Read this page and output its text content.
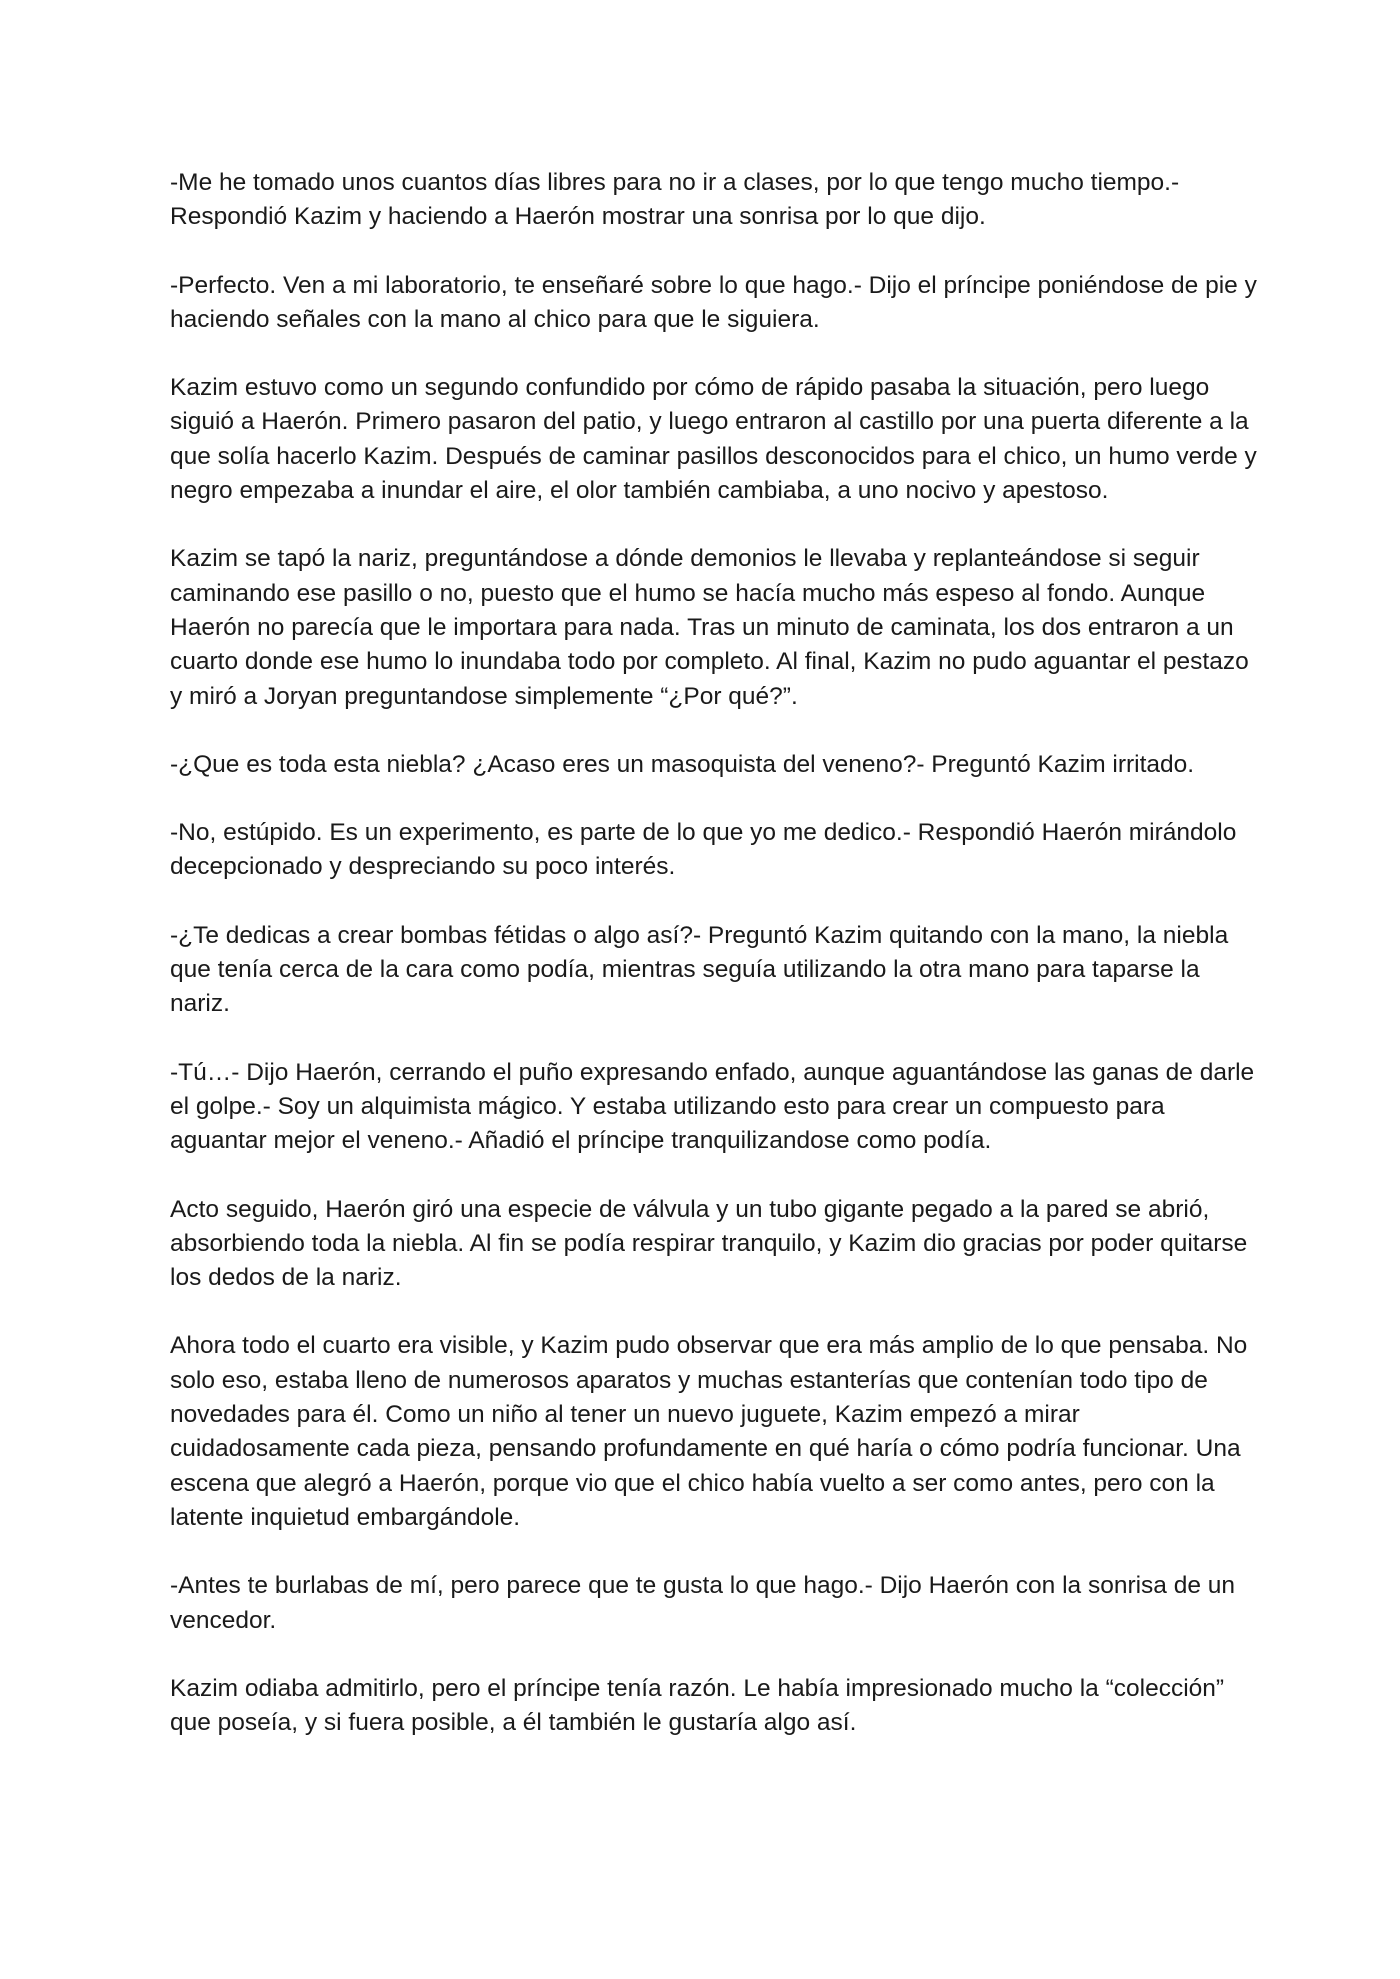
-Me he tomado unos cuantos días libres para no ir a clases, por lo que tengo mucho tiempo.- Respondió Kazim y haciendo a Haerón mostrar una sonrisa por lo que dijo.

-Perfecto. Ven a mi laboratorio, te enseñaré sobre lo que hago.- Dijo el príncipe poniéndose de pie y haciendo señales con la mano al chico para que le siguiera.

Kazim estuvo como un segundo confundido por cómo de rápido pasaba la situación, pero luego siguió a Haerón. Primero pasaron del patio, y luego entraron al castillo por una puerta diferente a la que solía hacerlo Kazim. Después de caminar pasillos desconocidos para el chico, un humo verde y negro empezaba a inundar el aire, el olor también cambiaba, a uno nocivo y apestoso.

Kazim se tapó la nariz, preguntándose a dónde demonios le llevaba y replanteándose si seguir caminando ese pasillo o no, puesto que el humo se hacía mucho más espeso al fondo. Aunque Haerón no parecía que le importara para nada. Tras un minuto de caminata, los dos entraron a un cuarto donde ese humo lo inundaba todo por completo. Al final, Kazim no pudo aguantar el pestazo y miró a Joryan preguntandose simplemente “¿Por qué?”.

-¿Que es toda esta niebla? ¿Acaso eres un masoquista del veneno?- Preguntó Kazim irritado.

-No, estúpido. Es un experimento, es parte de lo que yo me dedico.- Respondió Haerón mirándolo decepcionado y despreciando su poco interés.

-¿Te dedicas a crear bombas fétidas o algo así?- Preguntó Kazim quitando con la mano, la niebla que tenía cerca de la cara como podía, mientras seguía utilizando la otra mano para taparse la nariz.

-Tú…- Dijo Haerón, cerrando el puño expresando enfado, aunque aguantándose las ganas de darle el golpe.- Soy un alquimista mágico. Y estaba utilizando esto para crear un compuesto para aguantar mejor el veneno.- Añadió el príncipe tranquilizandose como podía.

Acto seguido, Haerón giró una especie de válvula y un tubo gigante pegado a la pared se abrió, absorbiendo toda la niebla. Al fin se podía respirar tranquilo, y Kazim dio gracias por poder quitarse los dedos de la nariz.

Ahora todo el cuarto era visible, y Kazim pudo observar que era más amplio de lo que pensaba. No solo eso, estaba lleno de numerosos aparatos y muchas estanterías que contenían todo tipo de novedades para él. Como un niño al tener un nuevo juguete, Kazim empezó a mirar cuidadosamente cada pieza, pensando profundamente en qué haría o cómo podría funcionar. Una escena que alegró a Haerón, porque vio que el chico había vuelto a ser como antes, pero con la latente inquietud embargándole.

-Antes te burlabas de mí, pero parece que te gusta lo que hago.- Dijo Haerón con la sonrisa de un vencedor.

Kazim odiaba admitirlo, pero el príncipe tenía razón. Le había impresionado mucho la “colección” que poseía, y si fuera posible, a él también le gustaría algo así.
